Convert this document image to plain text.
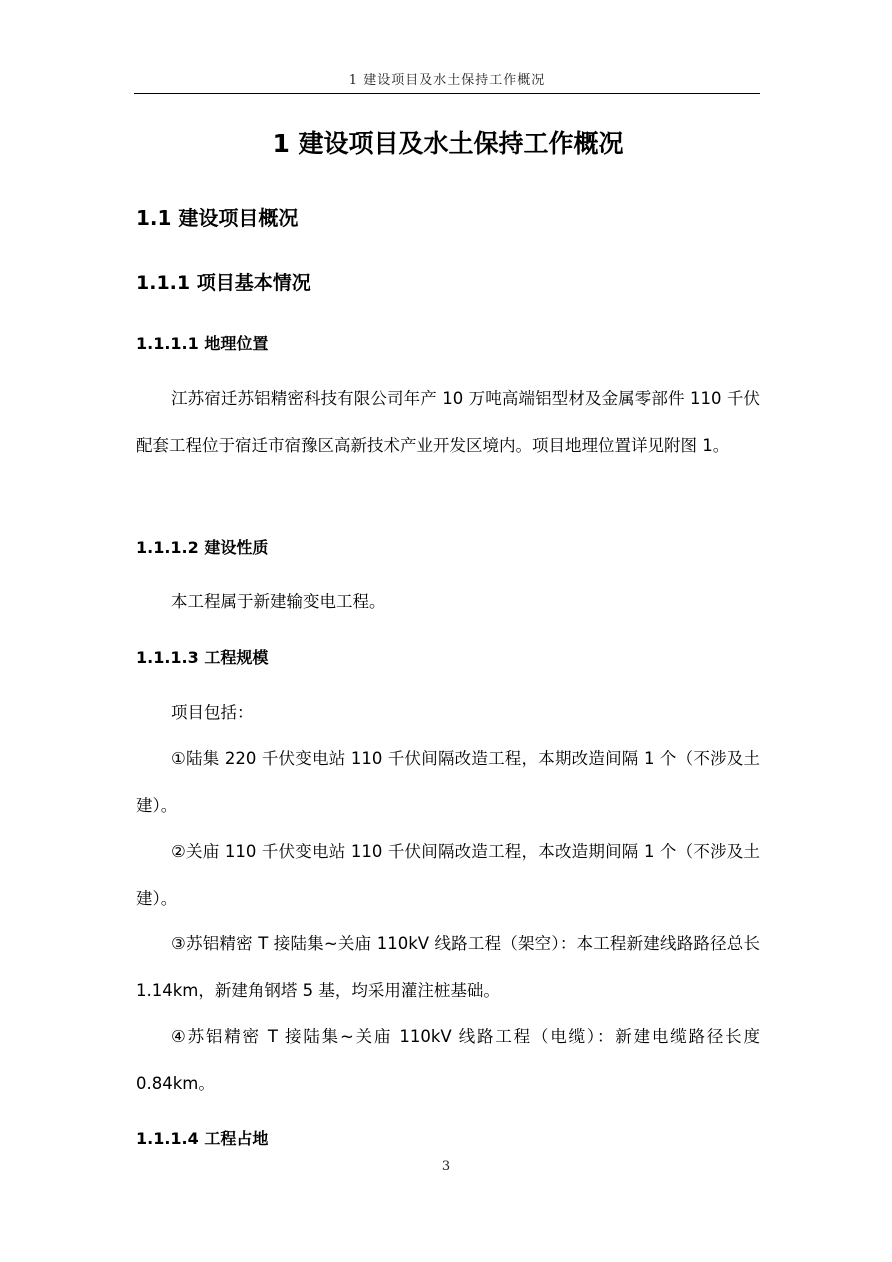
1 建设项目及水土保持工作概况
1 建设项目及水土保持工作概况
1.1 建设项目概况
1.1.1 项目基本情况
1.1.1.1 地理位置
江苏宿迁苏铝精密科技有限公司年产 10 万吨高端铝型材及金属零部件 110 千伏配套工程位于宿迁市宿豫区高新技术产业开发区境内。项目地理位置详见附图 1。
1.1.1.2 建设性质
本工程属于新建输变电工程。
1.1.1.3 工程规模
项目包括：
①陆集 220 千伏变电站 110 千伏间隔改造工程，本期改造间隔 1 个（不涉及土建）。
②关庙 110 千伏变电站 110 千伏间隔改造工程，本改造期间隔 1 个（不涉及土建）。
③苏铝精密 T 接陆集~关庙 110kV 线路工程（架空）：本工程新建线路路径总长 1.14km，新建角钢塔 5 基，均采用灌注桩基础。
④苏铝精密 T 接陆集~关庙 110kV 线路工程（电缆）：新建电缆路径长度 0.84km。
1.1.1.4 工程占地
3
